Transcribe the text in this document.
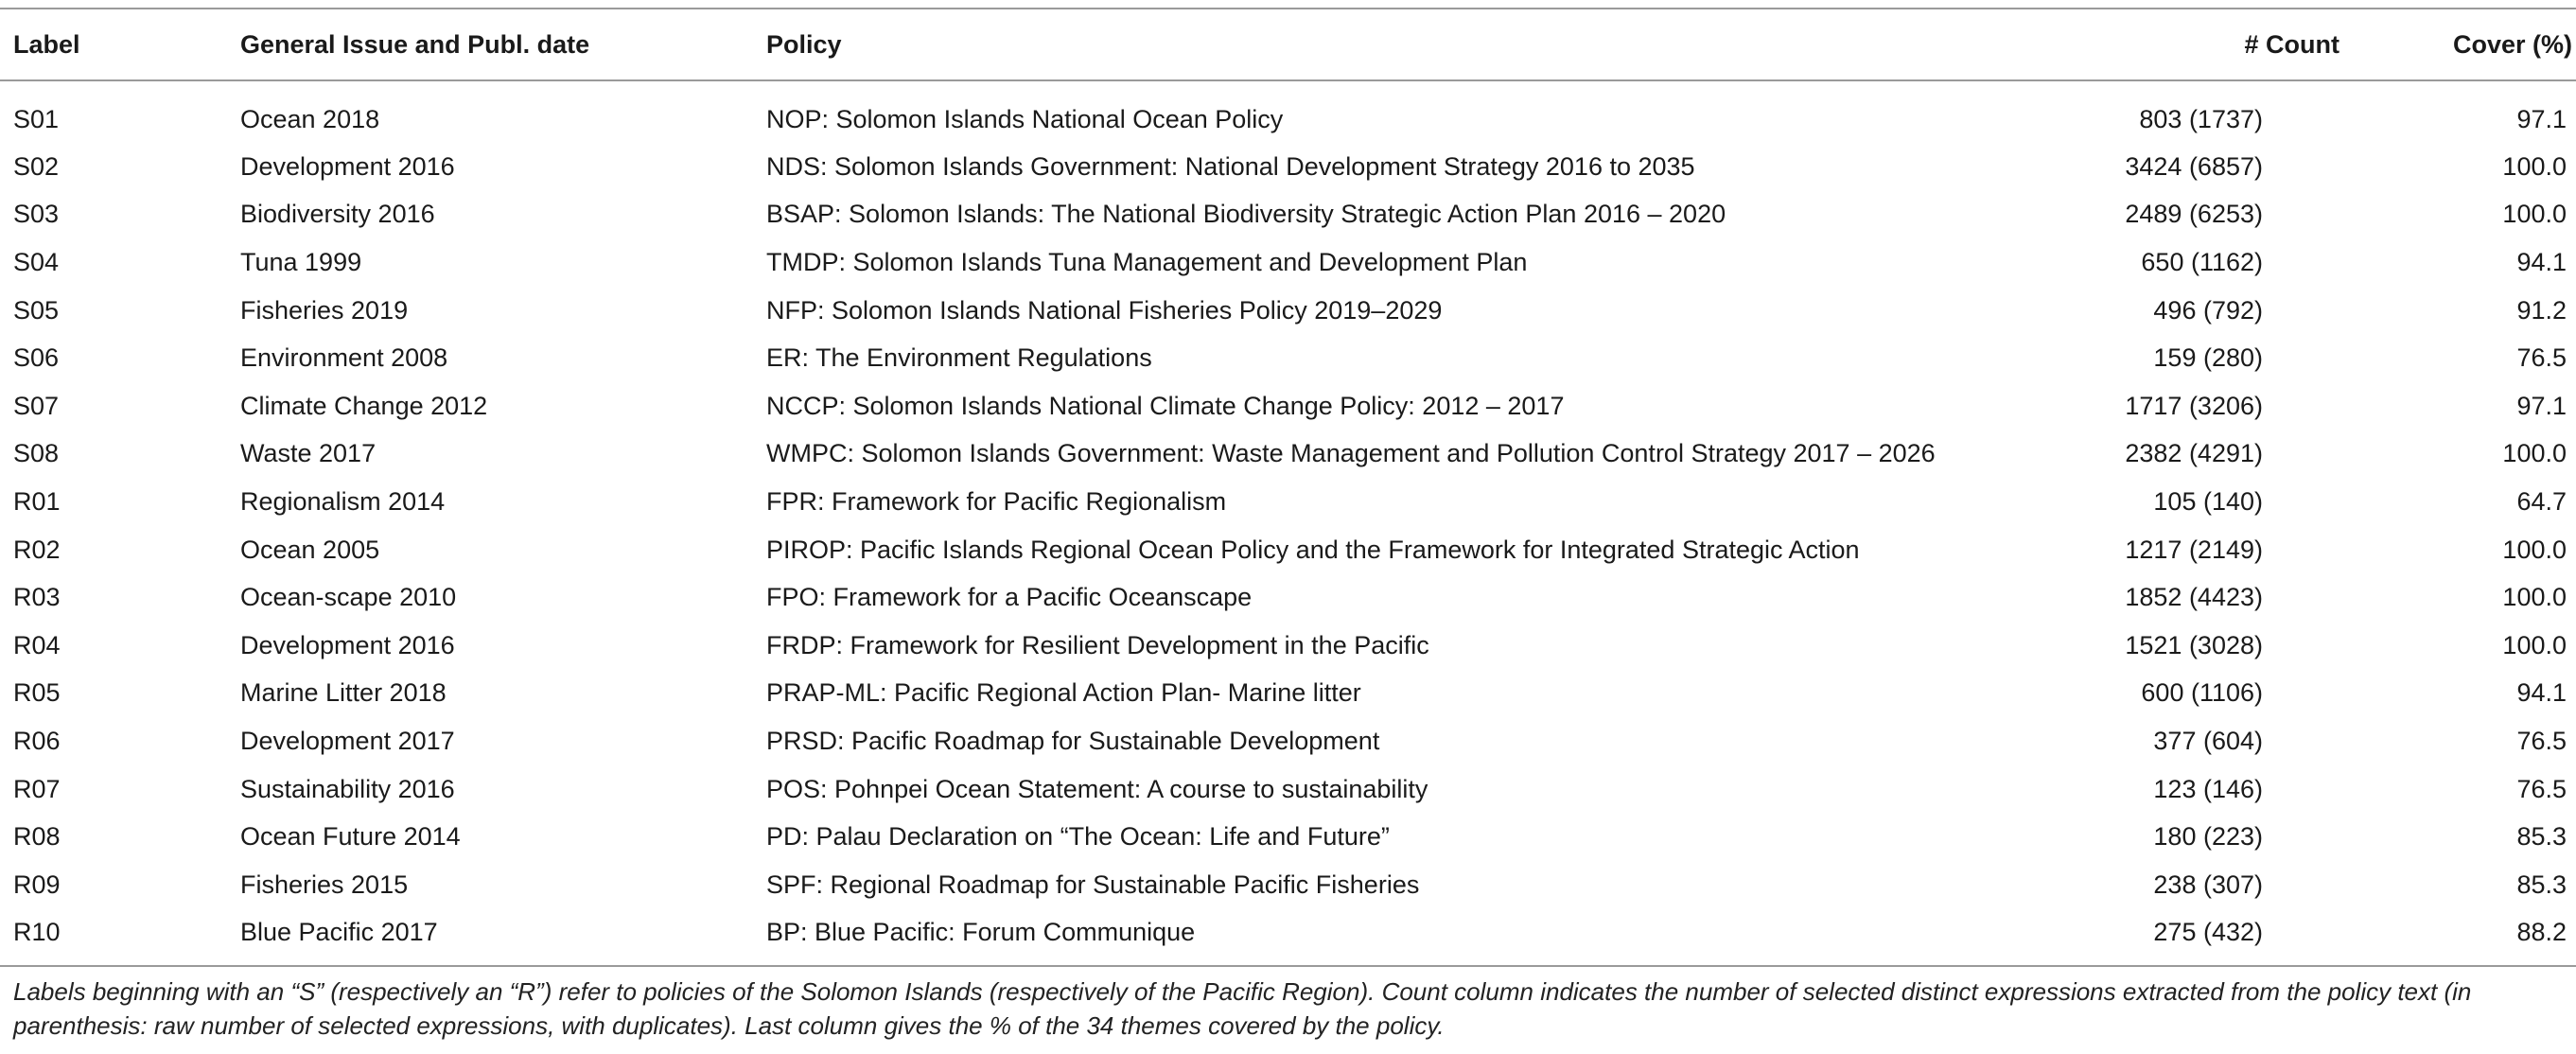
Label	General Issue and Publ. date	Policy	# Count	Cover (%)
S01	Ocean 2018	NOP: Solomon Islands National Ocean Policy	803 (1737)	97.1
S02	Development 2016	NDS: Solomon Islands Government: National Development Strategy 2016 to 2035	3424 (6857)	100.0
S03	Biodiversity 2016	BSAP: Solomon Islands: The National Biodiversity Strategic Action Plan 2016 – 2020	2489 (6253)	100.0
S04	Tuna 1999	TMDP: Solomon Islands Tuna Management and Development Plan	650 (1162)	94.1
S05	Fisheries 2019	NFP: Solomon Islands National Fisheries Policy 2019–2029	496 (792)	91.2
S06	Environment 2008	ER: The Environment Regulations	159 (280)	76.5
S07	Climate Change 2012	NCCP: Solomon Islands National Climate Change Policy: 2012 – 2017	1717 (3206)	97.1
S08	Waste 2017	WMPC: Solomon Islands Government: Waste Management and Pollution Control Strategy 2017 – 2026	2382 (4291)	100.0
R01	Regionalism 2014	FPR: Framework for Pacific Regionalism	105 (140)	64.7
R02	Ocean 2005	PIROP: Pacific Islands Regional Ocean Policy and the Framework for Integrated Strategic Action	1217 (2149)	100.0
R03	Ocean-scape 2010	FPO: Framework for a Pacific Oceanscape	1852 (4423)	100.0
R04	Development 2016	FRDP: Framework for Resilient Development in the Pacific	1521 (3028)	100.0
R05	Marine Litter 2018	PRAP-ML: Pacific Regional Action Plan- Marine litter	600 (1106)	94.1
R06	Development 2017	PRSD: Pacific Roadmap for Sustainable Development	377 (604)	76.5
R07	Sustainability 2016	POS: Pohnpei Ocean Statement: A course to sustainability	123 (146)	76.5
R08	Ocean Future 2014	PD: Palau Declaration on “The Ocean: Life and Future”	180 (223)	85.3
R09	Fisheries 2015	SPF: Regional Roadmap for Sustainable Pacific Fisheries	238 (307)	85.3
R10	Blue Pacific 2017	BP: Blue Pacific: Forum Communique	275 (432)	88.2
Labels beginning with an “S” (respectively an “R”) refer to policies of the Solomon Islands (respectively of the Pacific Region). Count column indicates the number of selected distinct expressions extracted from the policy text (in parenthesis: raw number of selected expressions, with duplicates). Last column gives the % of the 34 themes covered by the policy.
